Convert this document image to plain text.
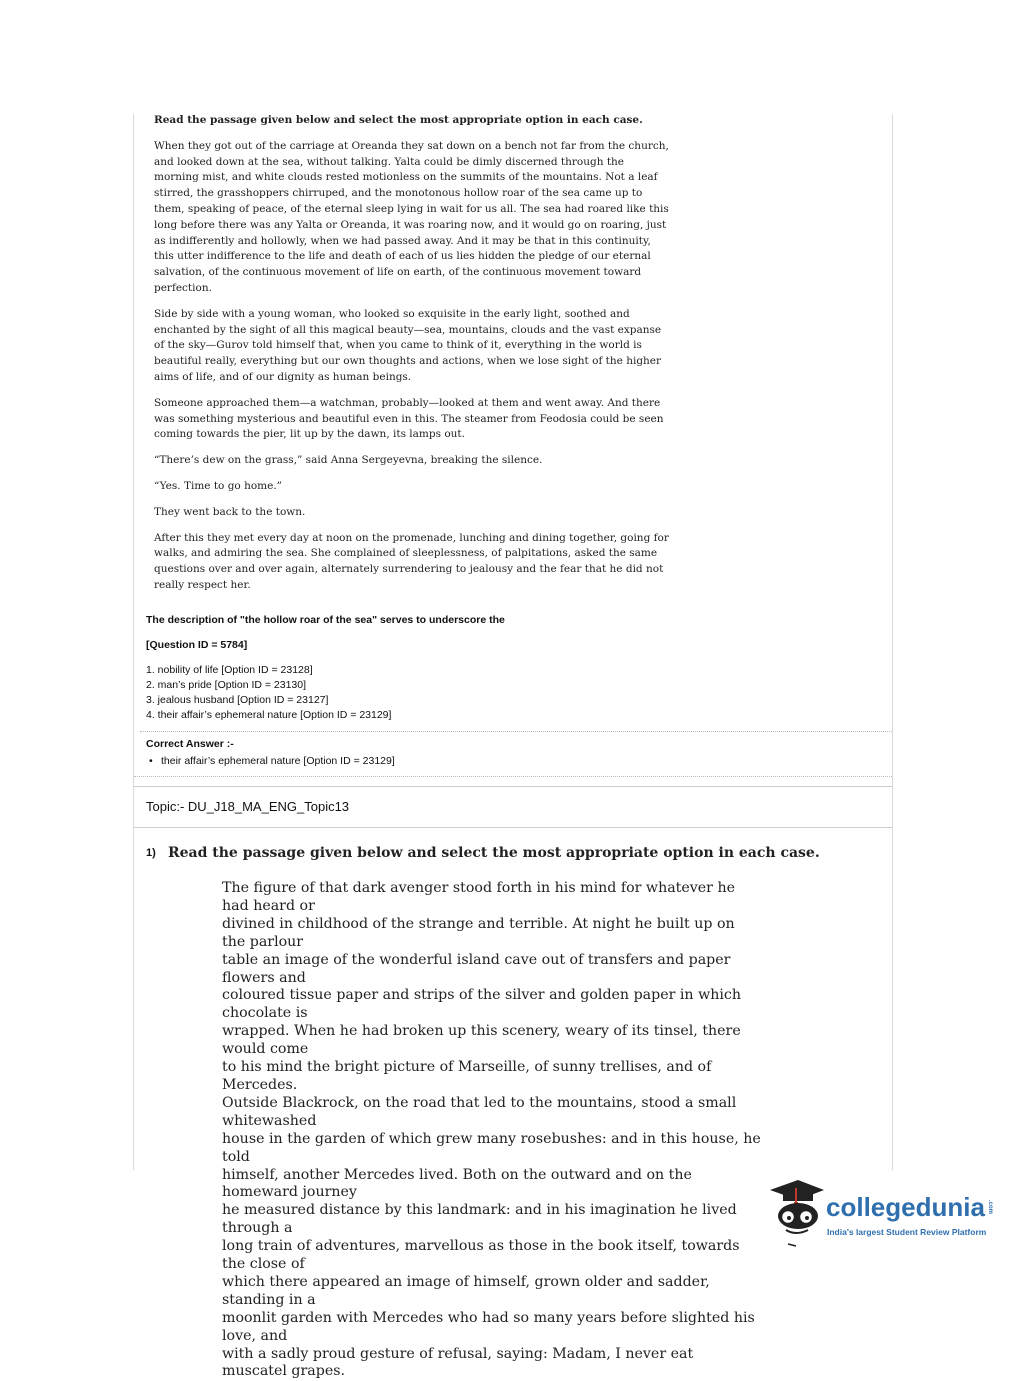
Read the passage given below and select the most appropriate option in each case.

When they got out of the carriage at Oreanda they sat down on a bench not far from the church, and looked down at the sea, without talking. Yalta could be dimly discerned through the morning mist, and white clouds rested motionless on the summits of the mountains. Not a leaf stirred, the grasshoppers chirruped, and the monotonous hollow roar of the sea came up to them, speaking of peace, of the eternal sleep lying in wait for us all. The sea had roared like this long before there was any Yalta or Oreanda, it was roaring now, and it would go on roaring, just as indifferently and hollowly, when we had passed away. And it may be that in this continuity, this utter indifference to the life and death of each of us lies hidden the pledge of our eternal salvation, of the continuous movement of life on earth, of the continuous movement toward perfection.

Side by side with a young woman, who looked so exquisite in the early light, soothed and enchanted by the sight of all this magical beauty—sea, mountains, clouds and the vast expanse of the sky—Gurov told himself that, when you came to think of it, everything in the world is beautiful really, everything but our own thoughts and actions, when we lose sight of the higher aims of life, and of our dignity as human beings.

Someone approached them—a watchman, probably—looked at them and went away. And there was something mysterious and beautiful even in this. The steamer from Feodosia could be seen coming towards the pier, lit up by the dawn, its lamps out.

“There’s dew on the grass,” said Anna Sergeyevna, breaking the silence.

“Yes. Time to go home.”

They went back to the town.

After this they met every day at noon on the promenade, lunching and dining together, going for walks, and admiring the sea. She complained of sleeplessness, of palpitations, asked the same questions over and over again, alternately surrendering to jealousy and the fear that he did not really respect her.

The description of "the hollow roar of the sea" serves to underscore the
[Question ID = 5784]
1. nobility of life [Option ID = 23128]
2. man’s pride [Option ID = 23130]
3. jealous husband [Option ID = 23127]
4. their affair’s ephemeral nature [Option ID = 23129]
Correct Answer :-
• their affair’s ephemeral nature [Option ID = 23129]
Topic:- DU_J18_MA_ENG_Topic13
1) Read the passage given below and select the most appropriate option in each case.
The figure of that dark avenger stood forth in his mind for whatever he had heard or
divined in childhood of the strange and terrible. At night he built up on the parlour
table an image of the wonderful island cave out of transfers and paper flowers and
coloured tissue paper and strips of the silver and golden paper in which chocolate is
wrapped. When he had broken up this scenery, weary of its tinsel, there would come
to his mind the bright picture of Marseille, of sunny trellises, and of Mercedes.
Outside Blackrock, on the road that led to the mountains, stood a small whitewashed
house in the garden of which grew many rosebushes: and in this house, he told
himself, another Mercedes lived. Both on the outward and on the homeward journey
he measured distance by this landmark: and in his imagination he lived through a
long train of adventures, marvellous as those in the book itself, towards the close of
which there appeared an image of himself, grown older and sadder, standing in a
moonlit garden with Mercedes who had so many years before slighted his love, and
with a sadly proud gesture of refusal, saying: Madam, I never eat muscatel grapes.
collegedunia .com
India's largest Student Review Platform
